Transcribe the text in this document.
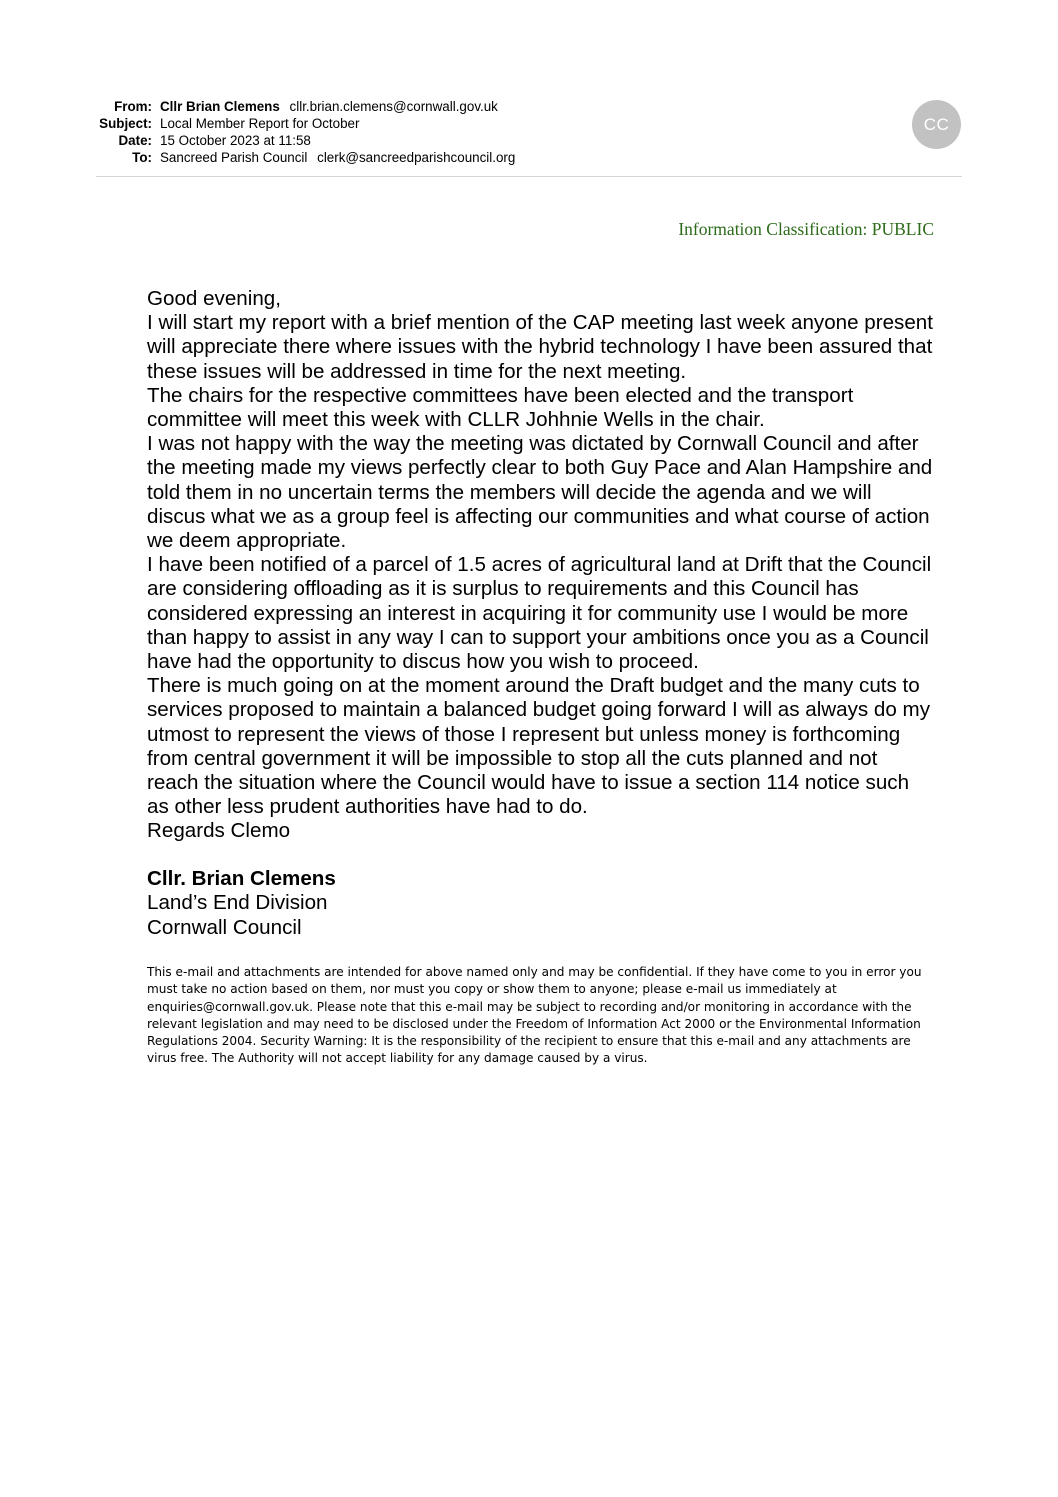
From: Cllr Brian Clemens cllr.brian.clemens@cornwall.gov.uk
Subject: Local Member Report for October
Date: 15 October 2023 at 11:58
To: Sancreed Parish Council clerk@sancreedparishcouncil.org
CC
Information Classification: PUBLIC

Good evening,

I will start my report with a brief mention of the CAP meeting last week anyone present

will appreciate there where issues with the hybrid technology I have been assured that

these issues will be addressed in time for the next meeting.

The chairs for the respective committees have been elected and the transport

committee will meet this week with CLLR Johhnie Wells in the chair.

I was not happy with the way the meeting was dictated by Cornwall Council and after

the meeting made my views perfectly clear to both Guy Pace and Alan Hampshire and

told them in no uncertain terms the members will decide the agenda and we will

discus what we as a group feel is affecting our communities and what course of action

we deem appropriate.

I have been notified of a parcel of 1.5 acres of agricultural land at Drift that the Council

are considering offloading as it is surplus to requirements and this Council has

considered expressing an interest in acquiring it for community use I would be more

than happy to assist in any way I can to support your ambitions once you as a Council

have had the opportunity to discus how you wish to proceed.

There is much going on at the moment around the Draft budget and the many cuts to

services proposed to maintain a balanced budget going forward I will as always do my

utmost to represent the views of those I represent but unless money is forthcoming

from central government it will be impossible to stop all the cuts planned and not

reach the situation where the Council would have to issue a section 114 notice such

as other less prudent authorities have had to do.

Regards Clemo

Cllr. Brian Clemens
Land’s End Division
Cornwall Council

This e-mail and attachments are intended for above named only and may be confidential. If they have come to you in error you

must take no action based on them, nor must you copy or show them to anyone; please e-mail us immediately at

enquiries@cornwall.gov.uk. Please note that this e-mail may be subject to recording and/or monitoring in accordance with the

relevant legislation and may need to be disclosed under the Freedom of Information Act 2000 or the Environmental Information

Regulations 2004. Security Warning: It is the responsibility of the recipient to ensure that this e-mail and any attachments are

virus free. The Authority will not accept liability for any damage caused by a virus.
